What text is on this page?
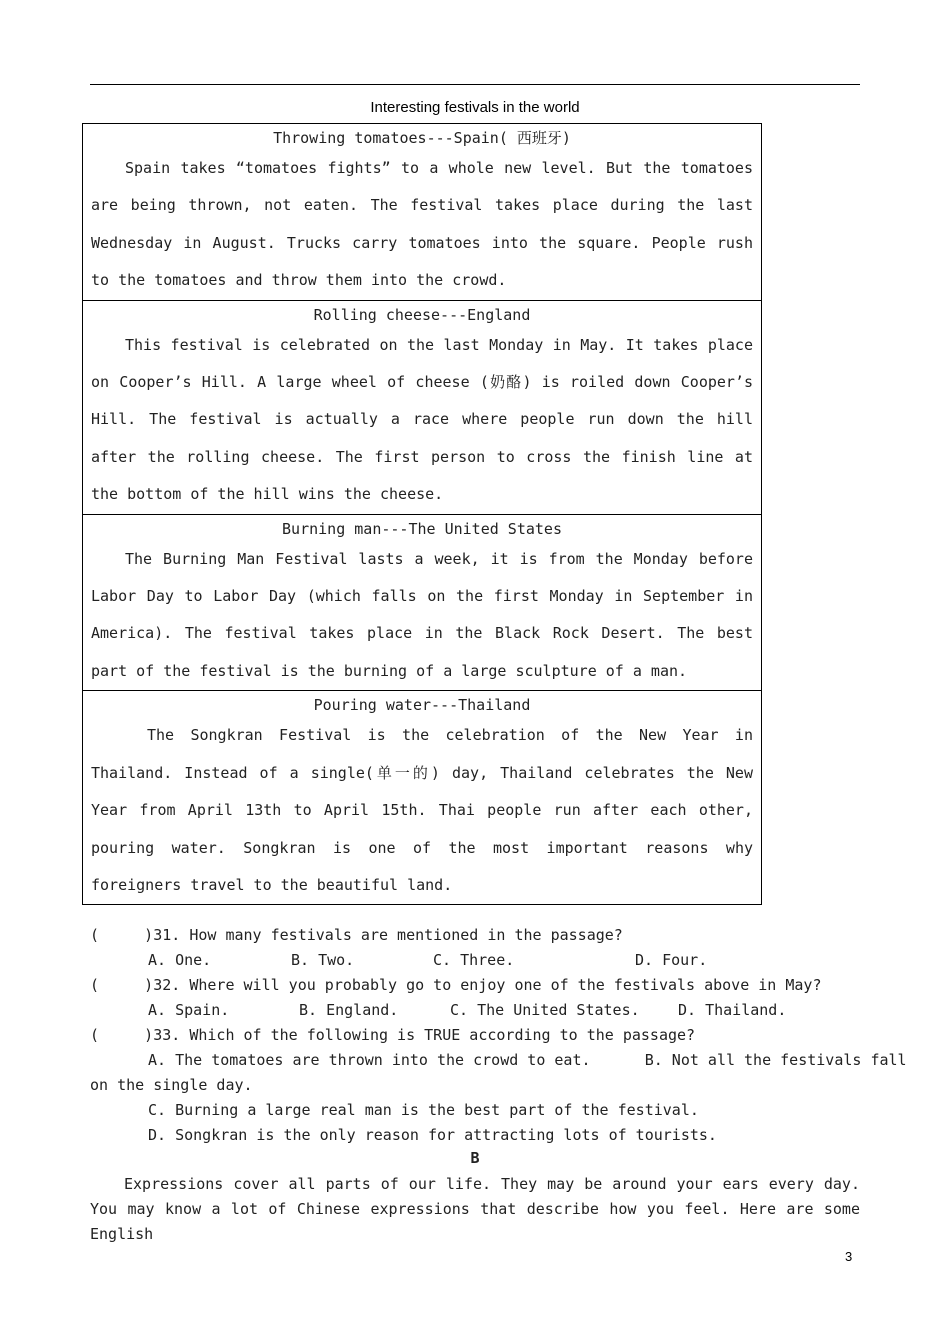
Interesting festivals in the world
Throwing tomatoes---Spain( 西班牙)
Spain takes “tomatoes fights” to a whole new level. But the tomatoes are being thrown, not eaten. The festival takes place during the last Wednesday in August. Trucks carry tomatoes into the square. People rush to the tomatoes and throw them into the crowd.

Rolling cheese---England
This festival is celebrated on the last Monday in May. It takes place on Cooper’s Hill. A large wheel of cheese (奶酪) is roiled down Cooper’s Hill. The festival is actually a race where people run down the hill after the rolling cheese. The first person to cross the finish line at the bottom of the hill wins the cheese.

Burning man---The United States
The Burning Man Festival lasts a week, it is from the Monday before Labor Day to Labor Day (which falls on the first Monday in September in America). The festival takes place in the Black Rock Desert. The best part of the festival is the burning of a large sculpture of a man.

Pouring water---Thailand
The Songkran Festival is the celebration of the New Year in Thailand. Instead of a single(单一的) day, Thailand celebrates the New Year from April 13th to April 15th. Thai people run after each other, pouring water. Songkran is one of the most important reasons why foreigners travel to the beautiful land.

(     )31. How many festivals are mentioned in the passage?

A. One.

	B. Two.

	C. Three.

	D. Four.

(     )32. Where will you probably go to enjoy one of the festivals above in May?

A. Spain.

	B. England.

	C. The United States.

	D. Thailand.

(     )33. Which of the following is TRUE according to the passage?

A. The tomatoes are thrown into the crowd to eat.      B. Not all the festivals fall

on the single day.

C. Burning a large real man is the best part of the festival.

D. Songkran is the only reason for attracting lots of tourists.

B
Expressions cover all parts of our life. They may be around your ears every day. You may know a lot of Chinese expressions that describe how you feel. Here are some English
3
